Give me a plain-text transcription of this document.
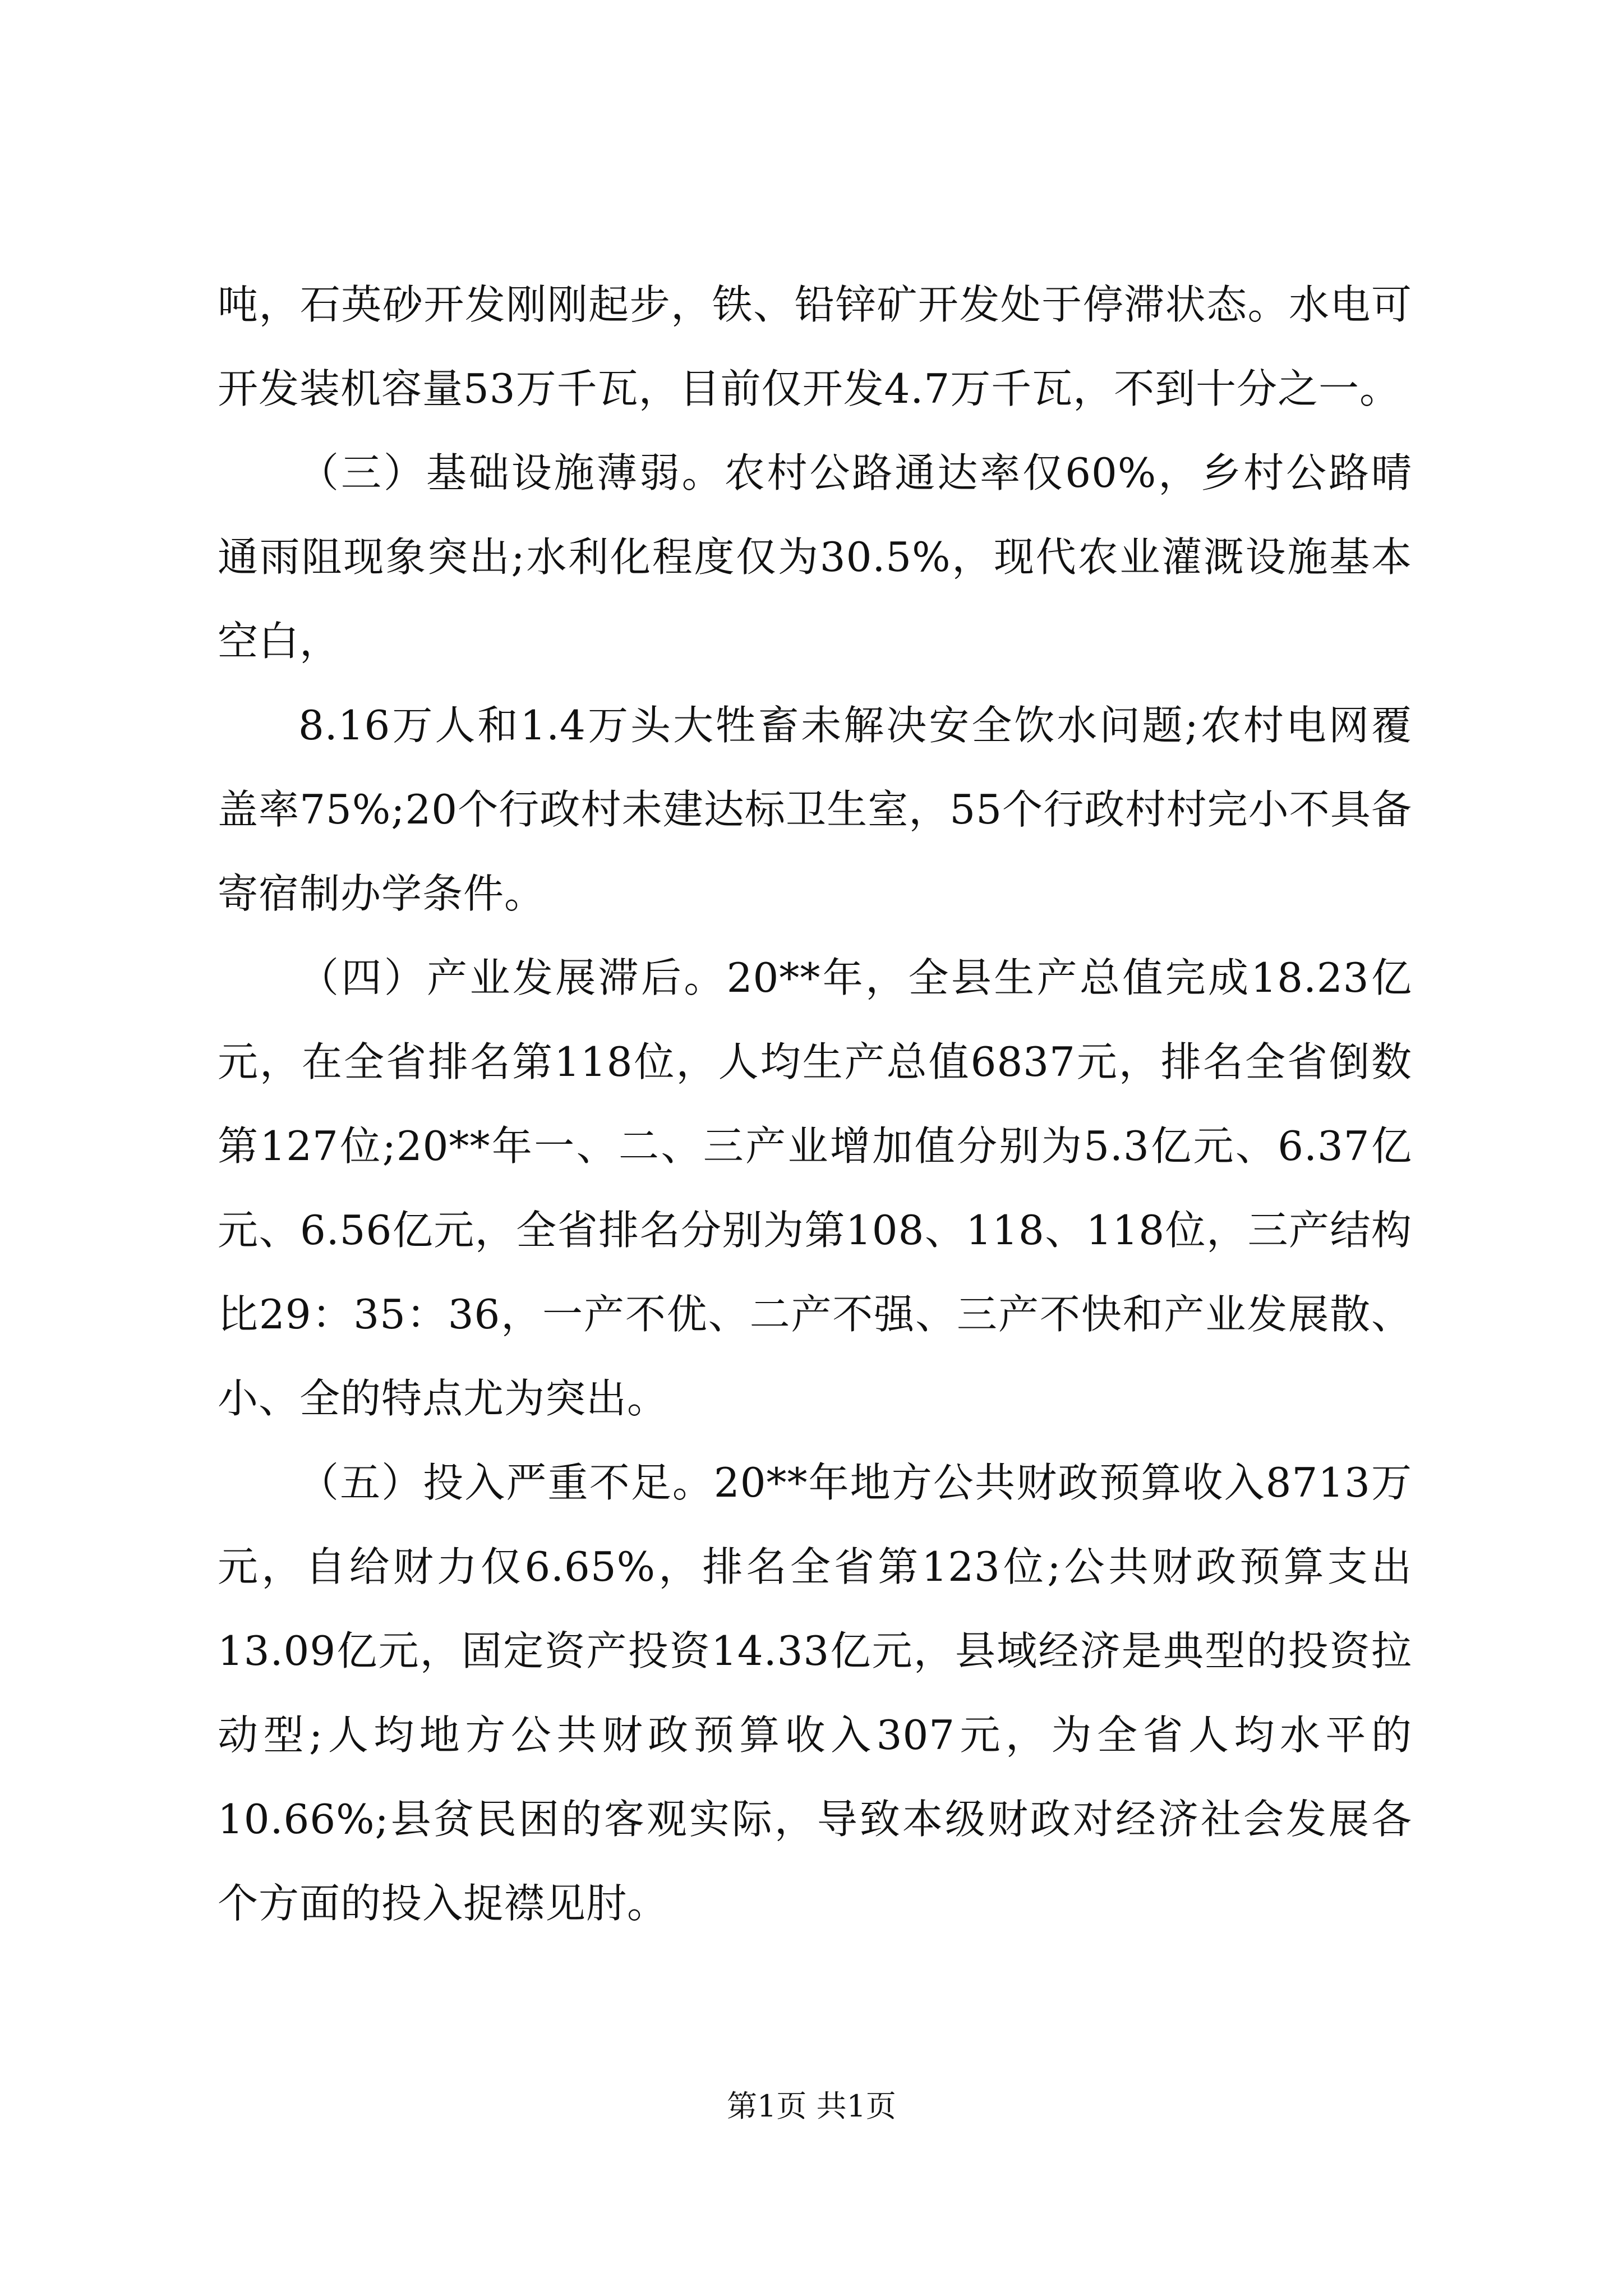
吨，石英砂开发刚刚起步，铁、铅锌矿开发处于停滞状态。水电可开发装机容量53万千瓦，目前仅开发4.7万千瓦，不到十分之一。

（三）基础设施薄弱。农村公路通达率仅60%，乡村公路晴通雨阻现象突出;水利化程度仅为30.5%，现代农业灌溉设施基本空白，

8.16万人和1.4万头大牲畜未解决安全饮水问题;农村电网覆盖率75%;20个行政村未建达标卫生室，55个行政村村完小不具备寄宿制办学条件。

（四）产业发展滞后。20**年，全县生产总值完成18.23亿元，在全省排名第118位，人均生产总值6837元，排名全省倒数第127位;20**年一、二、三产业增加值分别为5.3亿元、6.37亿元、6.56亿元，全省排名分别为第108、118、118位，三产结构比29：35：36，一产不优、二产不强、三产不快和产业发展散、小、全的特点尤为突出。

（五）投入严重不足。20**年地方公共财政预算收入8713万元，自给财力仅6.65%，排名全省第123位;公共财政预算支出13.09亿元，固定资产投资14.33亿元，县域经济是典型的投资拉动型;人均地方公共财政预算收入307元，为全省人均水平的10.66%;县贫民困的客观实际，导致本级财政对经济社会发展各个方面的投入捉襟见肘。

第1页 共1页
